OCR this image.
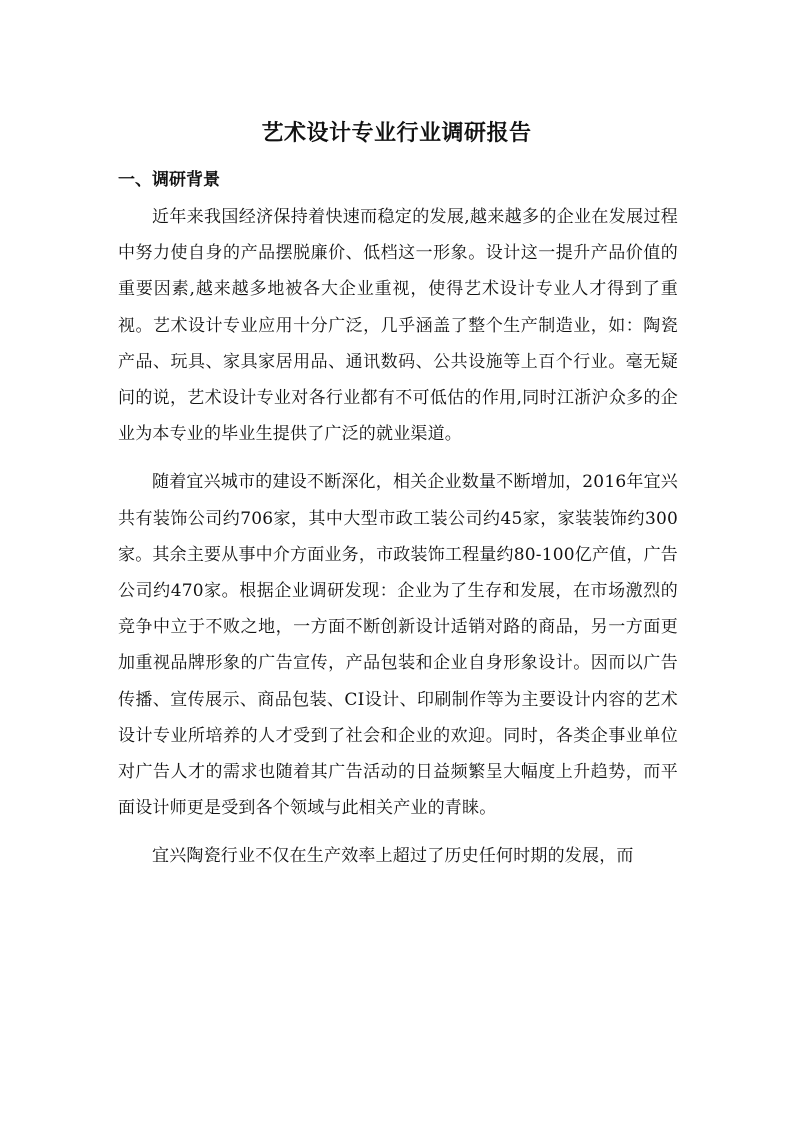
艺术设计专业行业调研报告
一、调研背景

近年来我国经济保持着快速而稳定的发展,越来越多的企业在发展过程中努力使自身的产品摆脱廉价、低档这一形象。设计这一提升产品价值的重要因素,越来越多地被各大企业重视，使得艺术设计专业人才得到了重视。艺术设计专业应用十分广泛，几乎涵盖了整个生产制造业，如：陶瓷产品、玩具、家具家居用品、通讯数码、公共设施等上百个行业。毫无疑问的说，艺术设计专业对各行业都有不可低估的作用,同时江浙沪众多的企业为本专业的毕业生提供了广泛的就业渠道。

随着宜兴城市的建设不断深化，相关企业数量不断增加，2016年宜兴共有装饰公司约706家，其中大型市政工装公司约45家，家装装饰约300家。其余主要从事中介方面业务，市政装饰工程量约80-100亿产值，广告公司约470家。根据企业调研发现：企业为了生存和发展，在市场激烈的竞争中立于不败之地，一方面不断创新设计适销对路的商品，另一方面更加重视品牌形象的广告宣传，产品包装和企业自身形象设计。因而以广告传播、宣传展示、商品包装、CI设计、印刷制作等为主要设计内容的艺术设计专业所培养的人才受到了社会和企业的欢迎。同时，各类企事业单位对广告人才的需求也随着其广告活动的日益频繁呈大幅度上升趋势，而平面设计师更是受到各个领域与此相关产业的青睐。

宜兴陶瓷行业不仅在生产效率上超过了历史任何时期的发展，而
